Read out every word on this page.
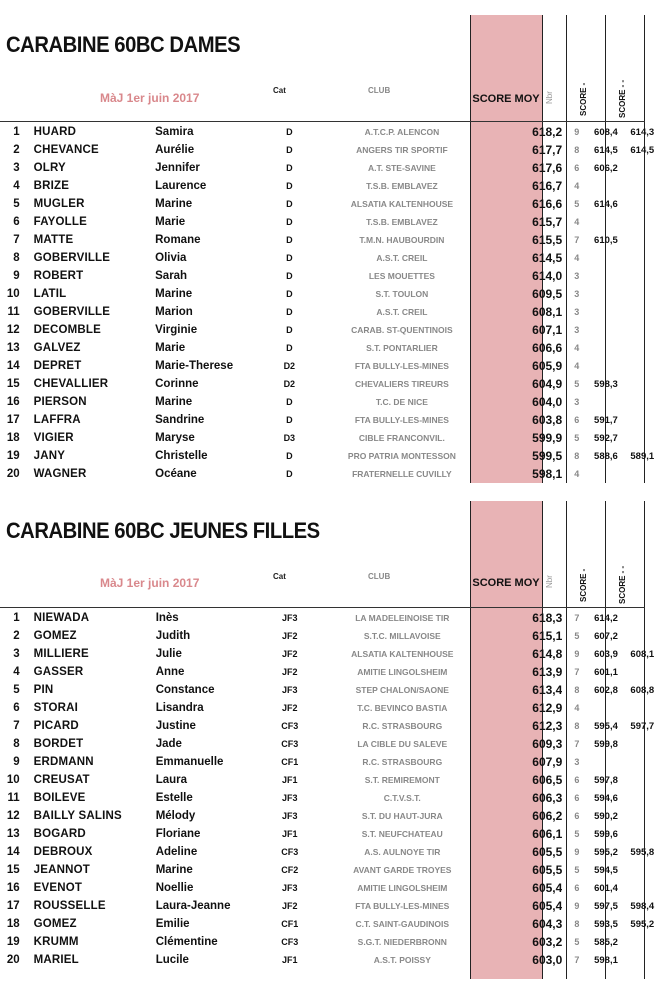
CARABINE 60BC DAMES
MàJ 1er juin 2017
Cat	CLUB
SCORE MOY Nbr	SCORE -	SCORE - -
1	HUARD	Samira	D	A.T.C.P. ALENCON	618,2	9	608,4	614,3
2	CHEVANCE	Aurélie	D	ANGERS TIR SPORTIF	617,7	8	614,5	614,5
3	OLRY	Jennifer	D	A.T. STE-SAVINE	617,6	6	606,2	
4	BRIZE	Laurence	D	T.S.B. EMBLAVEZ	616,7	4		
5	MUGLER	Marine	D	ALSATIA KALTENHOUSE	616,6	5	614,6	
6	FAYOLLE	Marie	D	T.S.B. EMBLAVEZ	615,7	4		
7	MATTE	Romane	D	T.M.N. HAUBOURDIN	615,5	7	610,5	
8	GOBERVILLE	Olivia	D	A.S.T. CREIL	614,5	4		
9	ROBERT	Sarah	D	LES MOUETTES	614,0	3		
10	LATIL	Marine	D	S.T. TOULON	609,5	3		
11	GOBERVILLE	Marion	D	A.S.T. CREIL	608,1	3		
12	DECOMBLE	Virginie	D	CARAB. ST-QUENTINOIS	607,1	3		
13	GALVEZ	Marie	D	S.T. PONTARLIER	606,6	4		
14	DEPRET	Marie-Therese	D2	FTA BULLY-LES-MINES	605,9	4		
15	CHEVALLIER	Corinne	D2	CHEVALIERS TIREURS	604,9	5	598,3	
16	PIERSON	Marine	D	T.C. DE NICE	604,0	3		
17	LAFFRA	Sandrine	D	FTA BULLY-LES-MINES	603,8	6	591,7	
18	VIGIER	Maryse	D3	CIBLE FRANCONVIL.	599,9	5	592,7	
19	JANY	Christelle	D	PRO PATRIA MONTESSON	599,5	8	588,6	589,1
20	WAGNER	Océane	D	FRATERNELLE CUVILLY	598,1	4		
CARABINE 60BC JEUNES FILLES
MàJ 1er juin 2017	Cat	CLUB
SCORE MOY Nbr	SCORE -	SCORE - -
1	NIEWADA	Inès	JF3	LA MADELEINOISE TIR	618,3	7	614,2	
2	GOMEZ	Judith	JF2	S.T.C. MILLAVOISE	615,1	5	607,2	
3	MILLIERE	Julie	JF2	ALSATIA KALTENHOUSE	614,8	9	603,9	608,1
4	GASSER	Anne	JF2	AMITIE LINGOLSHEIM	613,9	7	601,1	
5	PIN	Constance	JF3	STEP CHALON/SAONE	613,4	8	602,8	608,8
6	STORAI	Lisandra	JF2	T.C. BEVINCO BASTIA	612,9	4		
7	PICARD	Justine	CF3	R.C. STRASBOURG	612,3	8	595,4	597,7
8	BORDET	Jade	CF3	LA CIBLE DU SALEVE	609,3	7	599,8	
9	ERDMANN	Emmanuelle	CF1	R.C. STRASBOURG	607,9	3		
10	CREUSAT	Laura	JF1	S.T. REMIREMONT	606,5	6	597,8	
11	BOILEVE	Estelle	JF3	C.T.V.S.T.	606,3	6	594,6	
12	BAILLY SALINS	Mélody	JF3	S.T. DU HAUT-JURA	606,2	6	590,2	
13	BOGARD	Floriane	JF1	S.T. NEUFCHATEAU	606,1	5	599,6	
14	DEBROUX	Adeline	CF3	A.S. AULNOYE TIR	605,5	9	595,2	595,8
15	JEANNOT	Marine	CF2	AVANT GARDE TROYES	605,5	5	594,5	
16	EVENOT	Noellie	JF3	AMITIE LINGOLSHEIM	605,4	6	601,4	
17	ROUSSELLE	Laura-Jeanne	JF2	FTA BULLY-LES-MINES	605,4	9	597,5	598,4
18	GOMEZ	Emilie	CF1	C.T. SAINT-GAUDINOIS	604,3	8	593,5	595,2
19	KRUMM	Clémentine	CF3	S.G.T. NIEDERBRONN	603,2	5	585,2	
20	MARIEL	Lucile	JF1	A.S.T. POISSY	603,0	7	598,1	
